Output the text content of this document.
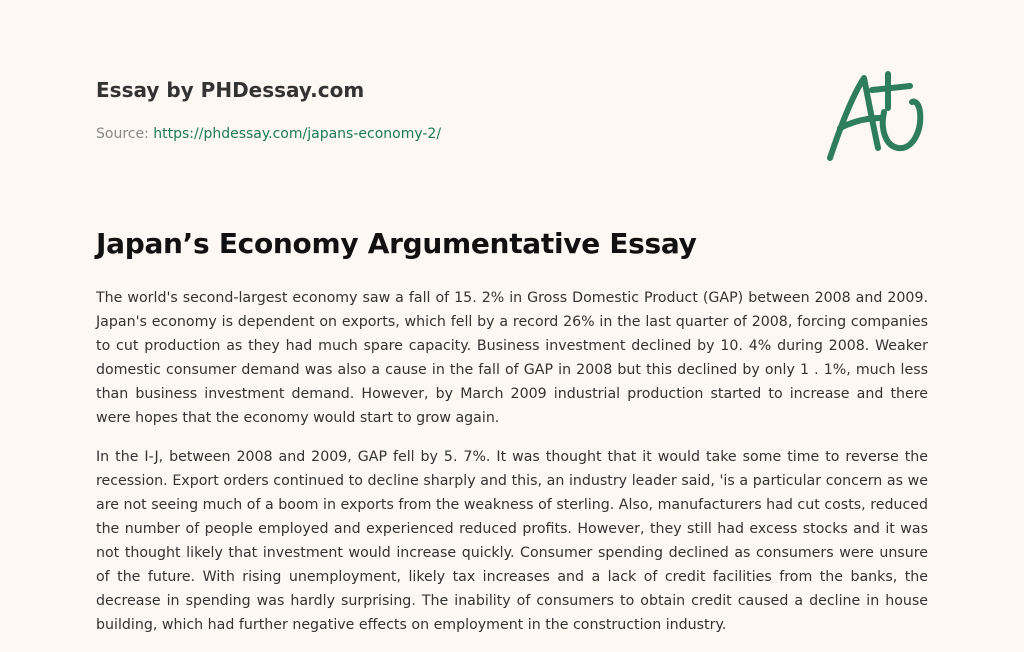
Essay by PHDessay.com
Source: https://phdessay.com/japans-economy-2/
Japan’s Economy Argumentative Essay

The world's second-largest economy saw a fall of 15. 2% in Gross Domestic Product (GAP) between 2008 and 2009. Japan's economy is dependent on exports, which fell by a record 26% in the last quarter of 2008, forcing companies to cut production as they had much spare capacity. Business investment declined by 10. 4% during 2008. Weaker domestic consumer demand was also a cause in the fall of GAP in 2008 but this declined by only 1 . 1%, much less than business investment demand. However, by March 2009 industrial production started to increase and there were hopes that the economy would start to grow again.

In the I-J, between 2008 and 2009, GAP fell by 5. 7%. It was thought that it would take some time to reverse the recession. Export orders continued to decline sharply and this, an industry leader said, 'is a particular concern as we are not seeing much of a boom in exports from the weakness of sterling. Also, manufacturers had cut costs, reduced the number of people employed and experienced reduced profits. However, they still had excess stocks and it was not thought likely that investment would increase quickly. Consumer spending declined as consumers were unsure of the future. With rising unemployment, likely tax increases and a lack of credit facilities from the banks, the decrease in spending was hardly surprising. The inability of consumers to obtain credit caused a decline in house building, which had further negative effects on employment in the construction industry.
